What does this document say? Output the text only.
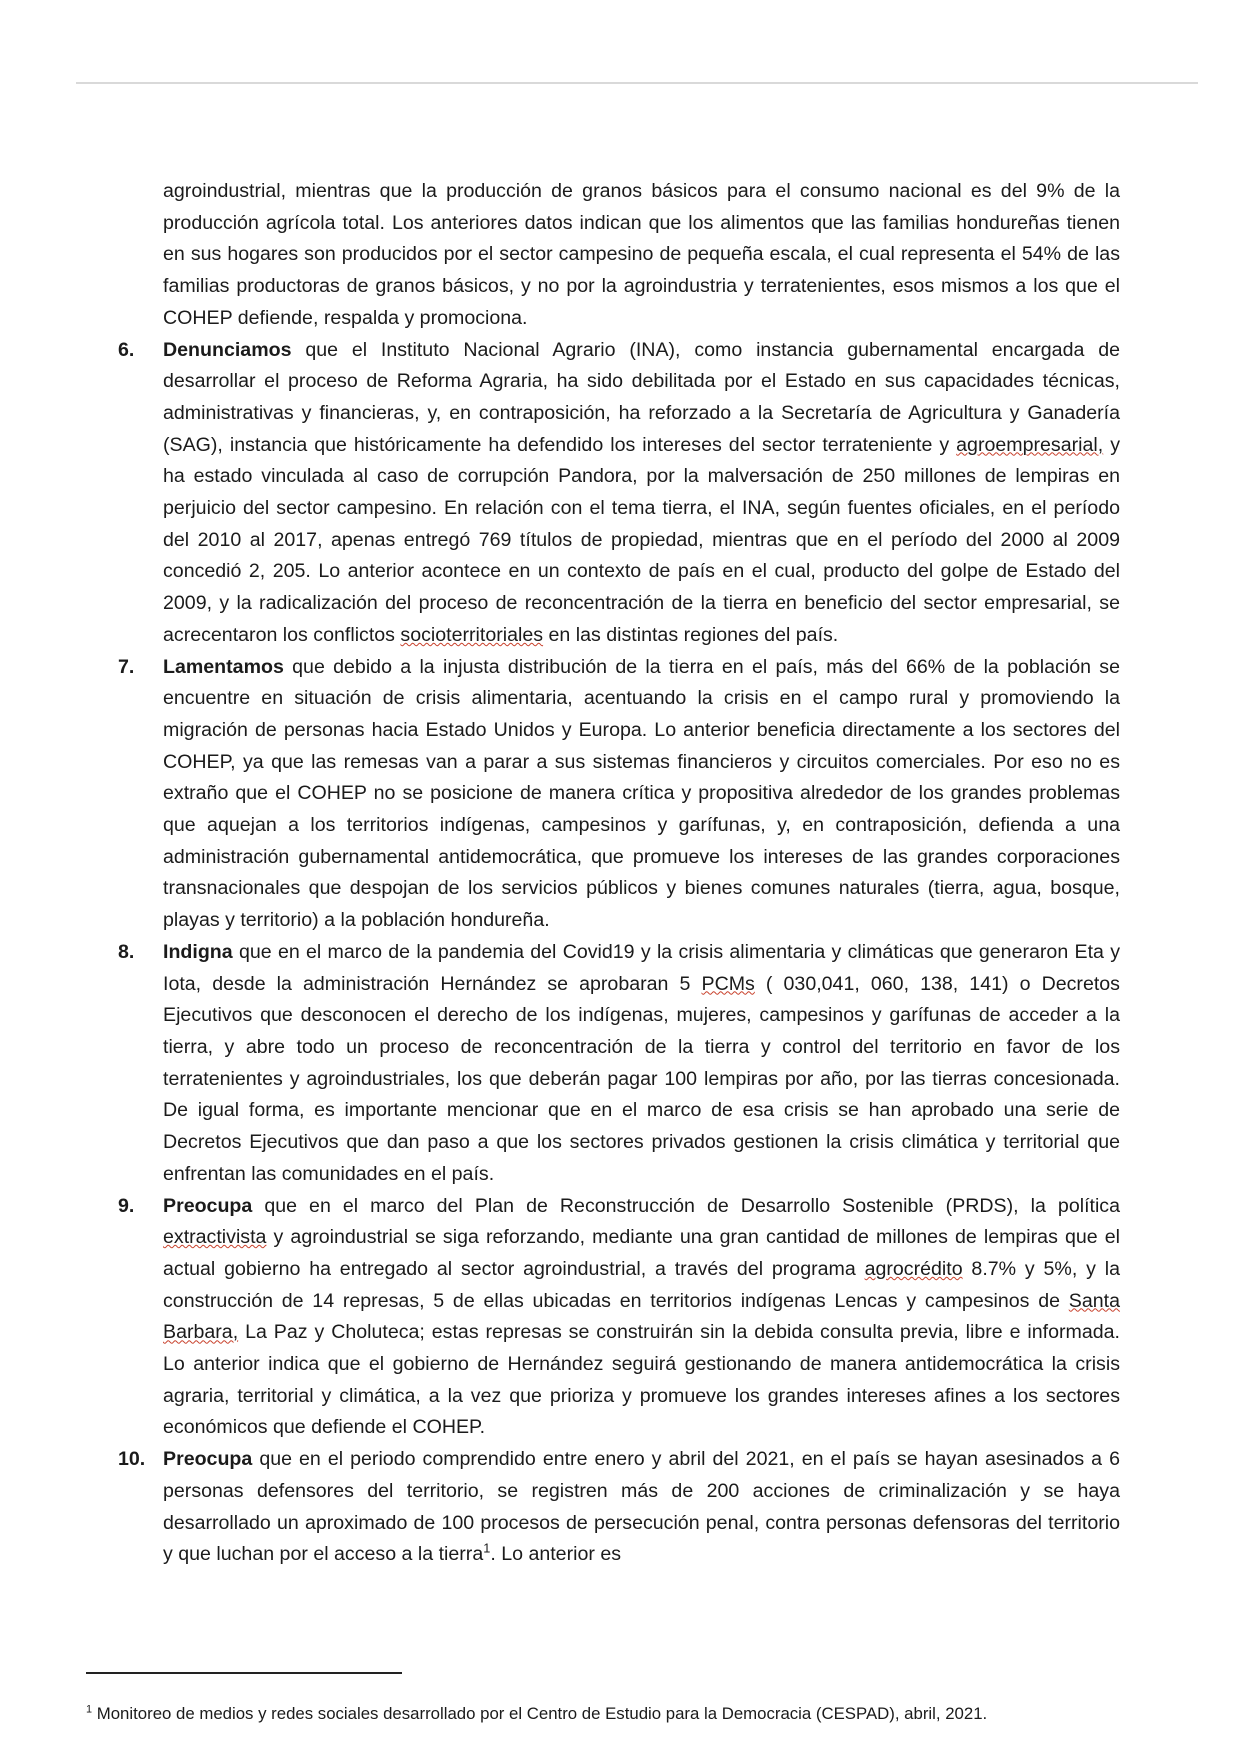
agroindustrial, mientras que la producción de granos básicos para el consumo nacional es del 9% de la producción agrícola total. Los anteriores datos indican que los alimentos que las familias hondureñas tienen en sus hogares son producidos por el sector campesino de pequeña escala, el cual representa el 54% de las familias productoras de granos básicos, y no por la agroindustria y terratenientes, esos mismos a los que el COHEP defiende, respalda y promociona.

6.	Denunciamos que el Instituto Nacional Agrario (INA), como instancia gubernamental encargada de desarrollar el proceso de Reforma Agraria, ha sido debilitada por el Estado en sus capacidades técnicas, administrativas y financieras, y, en contraposición, ha reforzado a la Secretaría de Agricultura y Ganadería (SAG), instancia que históricamente ha defendido los intereses del sector terrateniente y agroempresarial, y ha estado vinculada al caso de corrupción Pandora, por la malversación de 250 millones de lempiras en perjuicio del sector campesino. En relación con el tema tierra, el INA, según fuentes oficiales, en el período del 2010 al 2017, apenas entregó 769 títulos de propiedad, mientras que en el período del 2000 al 2009 concedió 2, 205. Lo anterior acontece en un contexto de país en el cual, producto del golpe de Estado del 2009, y la radicalización del proceso de reconcentración de la tierra en beneficio del sector empresarial, se acrecentaron los conflictos socioterritoriales en las distintas regiones del país.

7.	Lamentamos que debido a la injusta distribución de la tierra en el país, más del 66% de la población se encuentre en situación de crisis alimentaria, acentuando la crisis en el campo rural y promoviendo la migración de personas hacia Estado Unidos y Europa. Lo anterior beneficia directamente a los sectores del COHEP, ya que las remesas van a parar a sus sistemas financieros y circuitos comerciales. Por eso no es extraño que el COHEP no se posicione de manera crítica y propositiva alrededor de los grandes problemas que aquejan a los territorios indígenas, campesinos y garífunas, y, en contraposición, defienda a una administración gubernamental antidemocrática, que promueve los intereses de las grandes corporaciones transnacionales que despojan de los servicios públicos y bienes comunes naturales (tierra, agua, bosque, playas y territorio) a la población hondureña.

8.	Indigna que en el marco de la pandemia del Covid19 y la crisis alimentaria y climáticas que generaron Eta y Iota, desde la administración Hernández se aprobaran 5 PCMs ( 030,041, 060, 138, 141) o Decretos Ejecutivos que desconocen el derecho de los indígenas, mujeres, campesinos y garífunas de acceder a la tierra, y abre todo un proceso de reconcentración de la tierra y control del territorio en favor de los terratenientes y agroindustriales, los que deberán pagar 100 lempiras por año, por las tierras concesionada. De igual forma, es importante mencionar que en el marco de esa crisis se han aprobado una serie de Decretos Ejecutivos que dan paso a que los sectores privados gestionen la crisis climática y territorial que enfrentan las comunidades en el país.

9.	Preocupa que en el marco del Plan de Reconstrucción de Desarrollo Sostenible (PRDS), la política extractivista y agroindustrial se siga reforzando, mediante una gran cantidad de millones de lempiras que el actual gobierno ha entregado al sector agroindustrial, a través del programa agrocrédito 8.7% y 5%, y la construcción de 14 represas, 5 de ellas ubicadas en territorios indígenas Lencas y campesinos de Santa Barbara, La Paz y Choluteca; estas represas se construirán sin la debida consulta previa, libre e informada. Lo anterior indica que el gobierno de Hernández seguirá gestionando de manera antidemocrática la crisis agraria, territorial y climática, a la vez que prioriza y promueve los grandes intereses afines a los sectores económicos que defiende el COHEP.

10. Preocupa que en el periodo comprendido entre enero y abril del 2021, en el país se hayan asesinados a 6 personas defensores del territorio, se registren más de 200 acciones de criminalización y se haya desarrollado un aproximado de 100 procesos de persecución penal, contra personas defensoras del territorio y que luchan por el acceso a la tierra$^1$. Lo anterior es

$^1$ Monitoreo de medios y redes sociales desarrollado por el Centro de Estudio para la Democracia (CESPAD), abril, 2021.
